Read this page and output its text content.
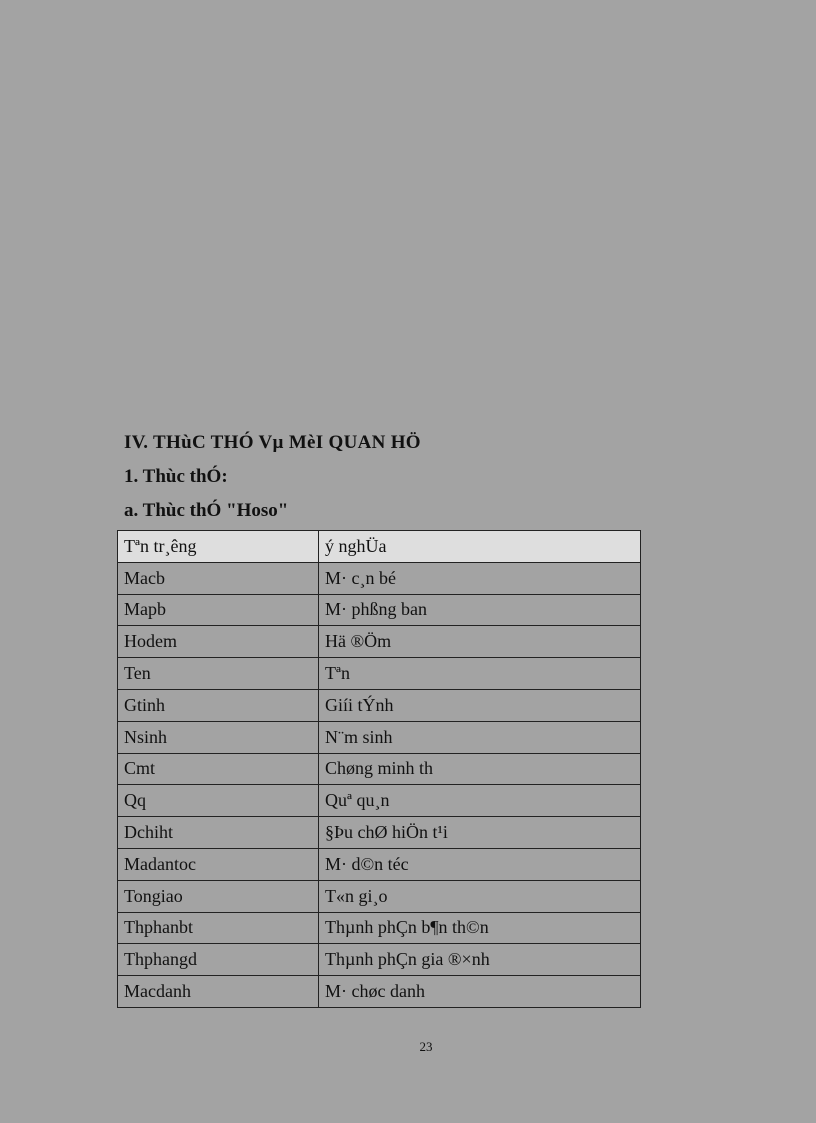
IV. THùC THÓ Vµ MèI QUAN HÖ
1. Thùc thÓ:
a. Thùc thÓ "Hoso"
Tªn tr¸êng	ý nghÜa
Macb	M· c¸n bé
Mapb	M· phßng ban
Hodem	Hä ®Öm
Ten	Tªn
Gtinh	Giíi tÝnh
Nsinh	N¨m sinh
Cmt	Chøng minh th
Qq	Quª qu¸n
Dchiht	§Þu chØ hiÖn t¹i
Madantoc	M· d©n téc
Tongiao	T«n gi¸o
Thphanbt	Thµnh phÇn b¶n th©n
Thphangd	Thµnh phÇn gia ®×nh
Macdanh	M· chøc danh
23
